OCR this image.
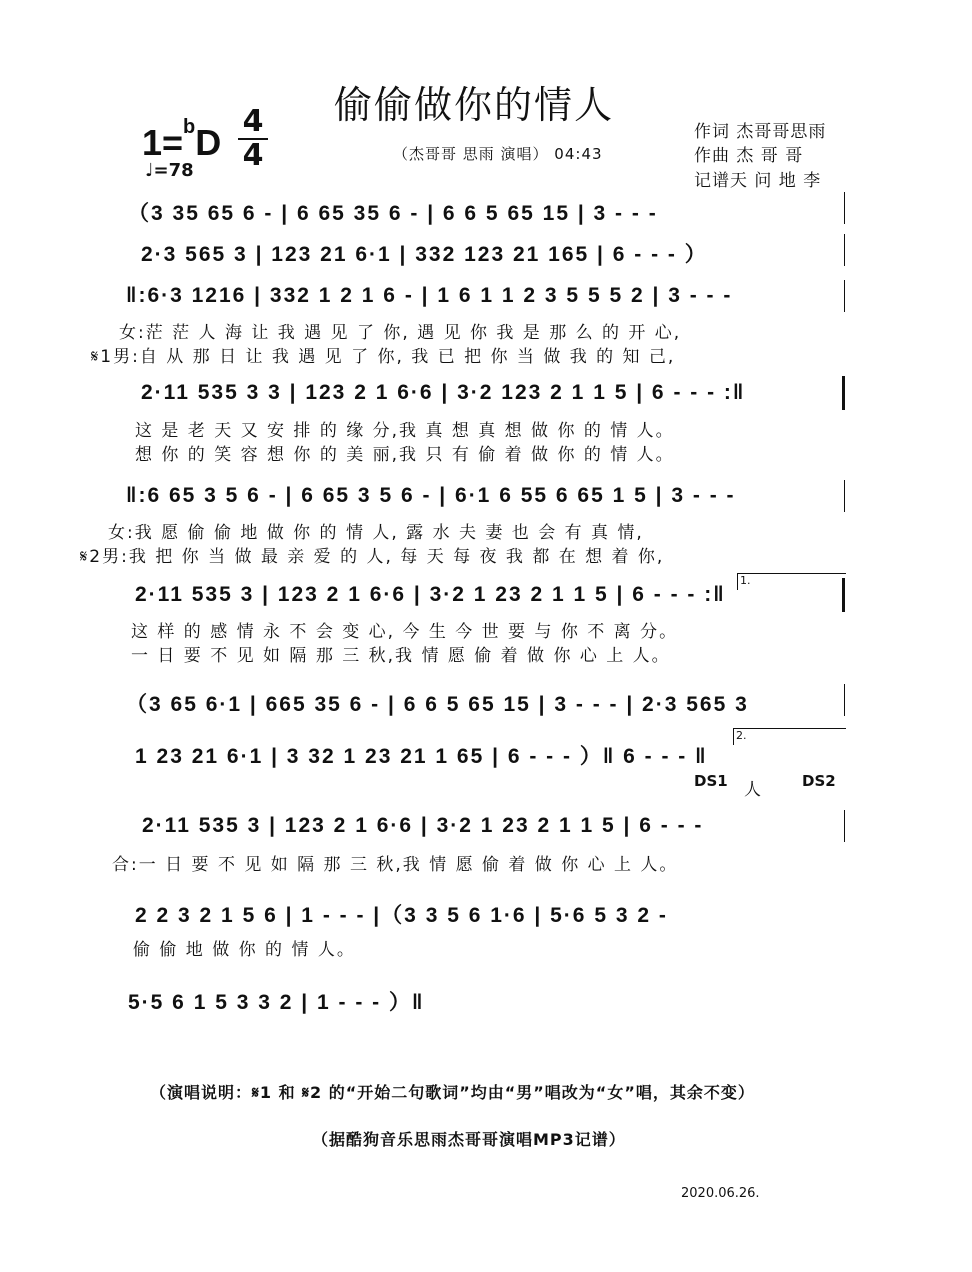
偷偷做你的情人
1=$^b$D
4
4
♩=78
（杰哥哥 思雨 演唱） 04:43
作词 杰哥哥思雨
作曲 杰 哥 哥
记谱天 问 地 李
（3 35 65 6 - | 6 65 35 6 - | 6 6 5 65 15 | 3 - - -
2·3 565 3 | 123 21 6·1 | 332 123 21 165 | 6 - - - ）
‖:6·3 1216 | 332 1 2 1 6 - | 1 6 1 1 2 3 5 5 5 2 | 3 - - -
女:茫 茫 人 海 让 我 遇 见 了 你, 遇 见 你 我 是 那 么 的 开 心,
𝄋1男:自 从 那 日 让 我 遇 见 了 你, 我 已 把 你 当 做 我 的 知 己,
2·11 535 3 3 | 123 2 1 6·6 | 3·2 123 2 1 1 5 | 6 - - - :‖
这 是 老 天 又 安 排 的 缘 分,我 真 想 真 想 做 你 的 情 人。
想 你 的 笑 容 想 你 的 美 丽,我 只 有 偷 着 做 你 的 情 人。
‖:6 65 3 5 6 - | 6 65 3 5 6 - | 6·1 6 55 6 65 1 5 | 3 - - -
女:我 愿 偷 偷 地 做 你 的 情 人, 露 水 夫 妻 也 会 有 真 情,
𝄋2男:我 把 你 当 做 最 亲 爱 的 人, 每 天 每 夜 我 都 在 想 着 你,
1.
2·11 535 3 | 123 2 1 6·6 | 3·2 1 23 2 1 1 5 | 6 - - - :‖
这 样 的 感 情 永 不 会 变 心, 今 生 今 世 要 与 你 不 离 分。
一 日 要 不 见 如 隔 那 三 秋,我 情 愿 偷 着 做 你 心 上 人。
（3 65 6·1 | 665 35 6 - | 6 6 5 65 15 | 3 - - - | 2·3 565 3
2.
1 23 21 6·1 | 3 32 1 23 21 1 65 | 6 - - - ）‖ 6 - - - ‖
DS1 人	DS2
2·11 535 3 | 123 2 1 6·6 | 3·2 1 23 2 1 1 5 | 6 - - -
合:一 日 要 不 见 如 隔 那 三 秋,我 情 愿 偷 着 做 你 心 上 人。
2 2 3 2 1 5 6 | 1 - - - |（3 3 5 6 1·6 | 5·6 5 3 2 -
偷 偷 地 做 你 的 情 人。
5·5 6 1 5 3 3 2 | 1 - - - ）‖
（演唱说明：𝄋1 和 𝄋2 的“开始二句歌词”均由“男”唱改为“女”唱，其余不变）
（据酷狗音乐思雨杰哥哥演唱MP3记谱）
2020.06.26.
